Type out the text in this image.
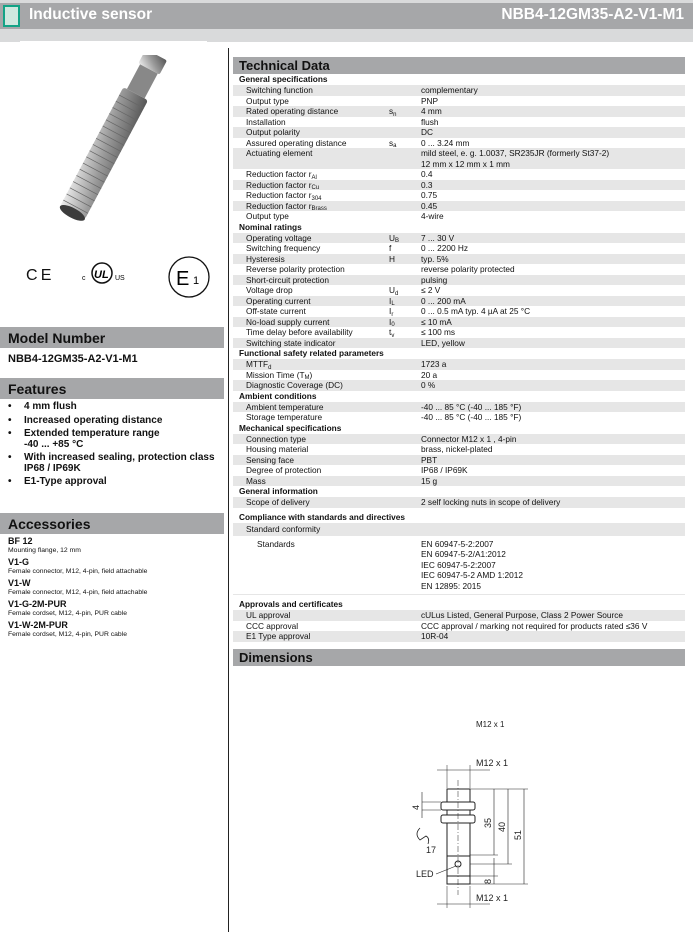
Inductive sensor	NBB4-12GM35-A2-V1-M1
C E	c UL US	E 1
Model Number
NBB4-12GM35-A2-V1-M1
Features
• 4 mm flush
• Increased operating distance
• Extended temperature range
-40 ... +85 °C
• With increased sealing, protection class
IP68 / IP69K
• E1-Type approval
Accessories
BF 12
Mounting flange, 12 mm
V1-G
Female connector, M12, 4-pin, field attachable
V1-W
Female connector, M12, 4-pin, field attachable
V1-G-2M-PUR
Female cordset, M12, 4-pin, PUR cable
V1-W-2M-PUR
Female cordset, M12, 4-pin, PUR cable
Technical Data
General specifications
Switching function	complementary
Output type	PNP
Rated operating distance	$s_n$	4 mm
Installation	flush
Output polarity	DC
Assured operating distance	$s_a$	0 ... 3.24 mm
Actuating element	mild steel, e. g. 1.0037, SR235JR (formerly St37-2)
12 mm x 12 mm x 1 mm
Reduction factor $r_{Al}$	0.4
Reduction factor $r_{Cu}$	0.3
Reduction factor $r_{304}$	0.75
Reduction factor $r_{Brass}$	0.45
Output type	4-wire
Nominal ratings
Operating voltage	$U_B$	7 ... 30 V
Switching frequency	f	0 ... 2200 Hz
Hysteresis	H	typ. 5%
Reverse polarity protection	reverse polarity protected
Short-circuit protection	pulsing
Voltage drop	$U_d$	≤ 2 V
Operating current	$I_L$	0 ... 200 mA
Off-state current	$I_r$	0 ... 0.5 mA typ. 4 µA at 25 °C
No-load supply current	$I_0$	≤ 10 mA
Time delay before availability	$t_v$	≤ 100 ms
Switching state indicator	LED, yellow
Functional safety related parameters
$MTTF_d$	1723 a
Mission Time $(T_M)$	20 a
Diagnostic Coverage (DC)	0 %
Ambient conditions
Ambient temperature	-40 ... 85 °C (-40 ... 185 °F)
Storage temperature	-40 ... 85 °C (-40 ... 185 °F)
Mechanical specifications
Connection type	Connector M12 x 1 , 4-pin
Housing material	brass, nickel-plated
Sensing face	PBT
Degree of protection	IP68 / IP69K
Mass	15 g
General information
Scope of delivery	2 self locking nuts in scope of delivery
Compliance with standards and directives
Standard conformity
Standards	EN 60947-5-2:2007
EN 60947-5-2/A1:2012
IEC 60947-5-2:2007
IEC 60947-5-2 AMD 1:2012
EN 12895: 2015
Approvals and certificates
UL approval	cULus Listed, General Purpose, Class 2 Power Source
CCC approval	CCC approval / marking not required for products rated ≤36 V
E1 Type approval	10R-04
Dimensions
M12 x 1
M12 x 1
M12 x 1
35 40
51
8
4
17
LED
